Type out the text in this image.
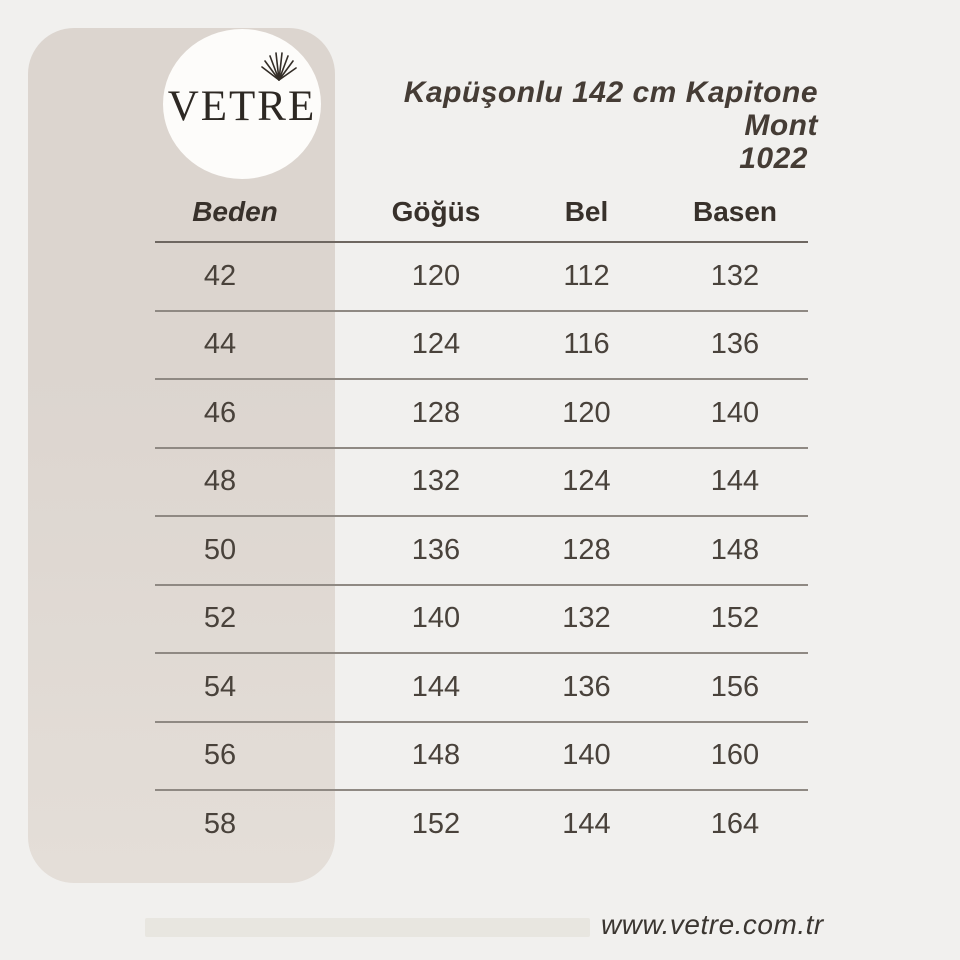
VETRE	Kapüşonlu 142 cm Kapitone Mont
1022
Beden	Göğüs	Bel	Basen
42	120	112	132
44	124	116	136
46	128	120	140
48	132	124	144
50	136	128	148
52	140	132	152
54	144	136	156
56	148	140	160
58	152	144	164
www.vetre.com.tr
